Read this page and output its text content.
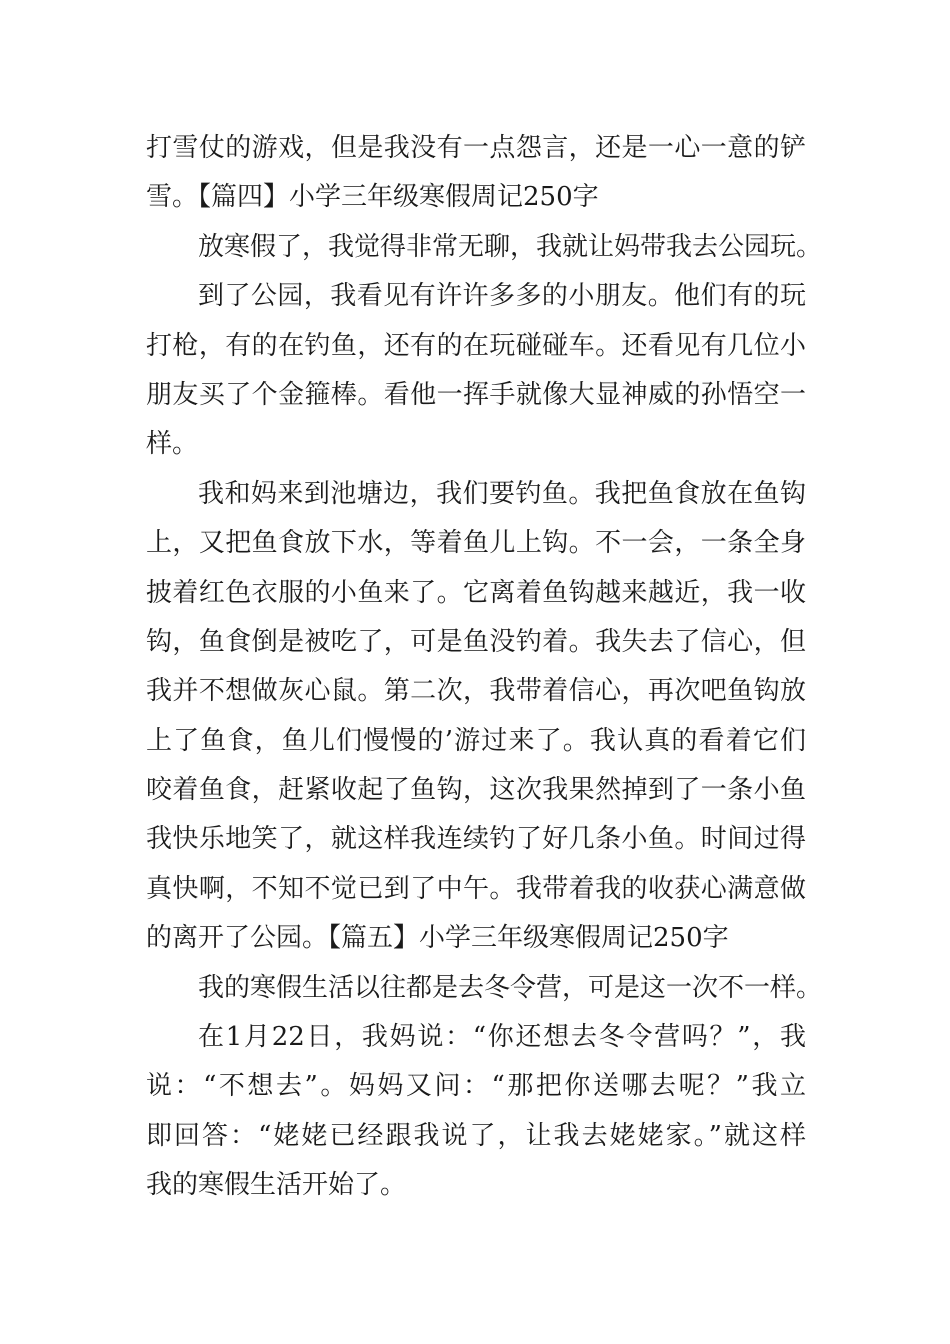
打雪仗的游戏，但是我没有一点怨言，还是一心一意的铲
雪。【篇四】小学三年级寒假周记250字
放寒假了，我觉得非常无聊，我就让妈带我去公园玩。
到了公园，我看见有许许多多的小朋友。他们有的玩
打枪，有的在钓鱼，还有的在玩碰碰车。还看见有几位小
朋友买了个金箍棒。看他一挥手就像大显神威的孙悟空一
样。
我和妈来到池塘边，我们要钓鱼。我把鱼食放在鱼钩
上，又把鱼食放下水，等着鱼儿上钩。不一会，一条全身
披着红色衣服的小鱼来了。它离着鱼钩越来越近，我一收
钩，鱼食倒是被吃了，可是鱼没钓着。我失去了信心，但
我并不想做灰心鼠。第二次，我带着信心，再次吧鱼钩放
上了鱼食，鱼儿们慢慢的’游过来了。我认真的看着它们
咬着鱼食，赶紧收起了鱼钩，这次我果然掉到了一条小鱼
我快乐地笑了，就这样我连续钓了好几条小鱼。时间过得
真快啊，不知不觉已到了中午。我带着我的收获心满意做
的离开了公园。【篇五】小学三年级寒假周记250字
我的寒假生活以往都是去冬令营，可是这一次不一样。
在1月22日，我妈说：“你还想去冬令营吗？”，我
说：“不想去”。妈妈又问：“那把你送哪去呢？”我立
即回答：“姥姥已经跟我说了，让我去姥姥家。”就这样
我的寒假生活开始了。
